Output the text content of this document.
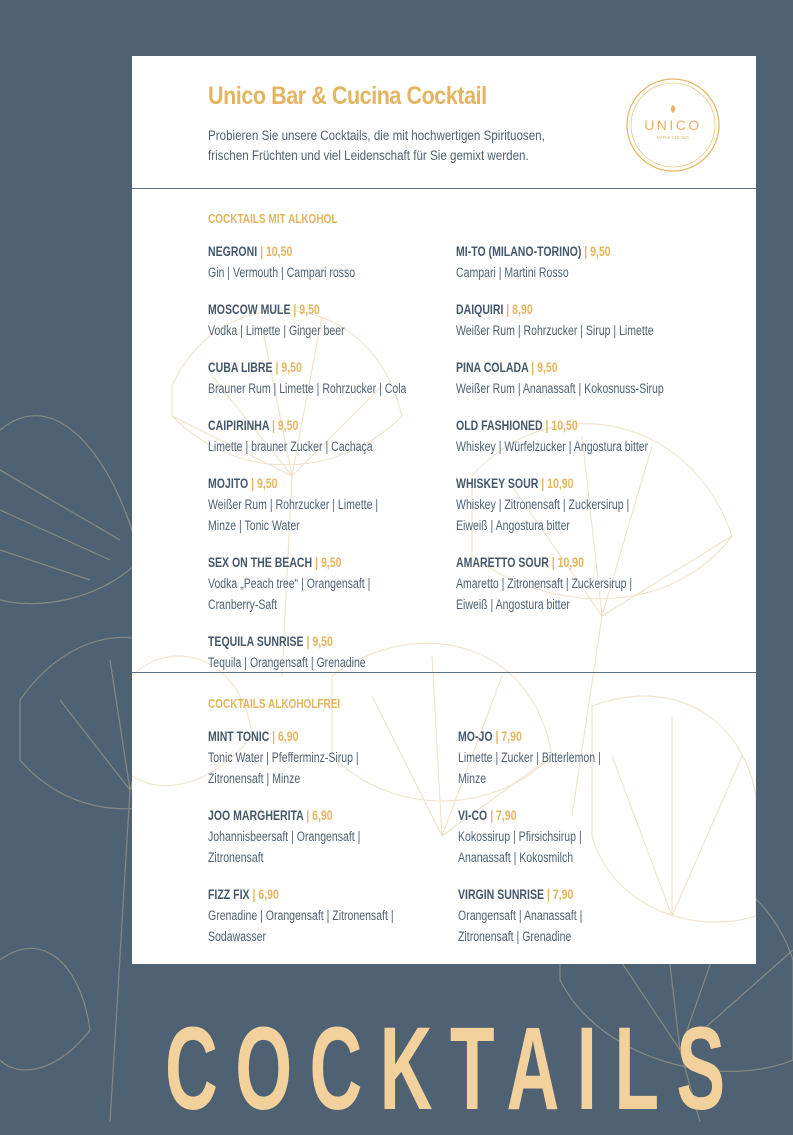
Unico Bar & Cucina Cocktail

Probieren Sie unsere Cocktails, die mit hochwertigen Spirituosen, frischen Früchten und viel Leidenschaft für Sie gemixt werden.

UNICO
BAR & CUCINA
COCKTAILS MIT ALKOHOL
NEGRONI | 10,50
Gin | Vermouth | Campari rosso
MOSCOW MULE | 9,50
Vodka | Limette | Ginger beer
CUBA LIBRE | 9,50
Brauner Rum | Limette | Rohrzucker | Cola
CAIPIRINHA | 9,50
Limette | brauner Zucker | Cachaça
MOJITO | 9,50
Weißer Rum | Rohrzucker | Limette |
Minze | Tonic Water
SEX ON THE BEACH | 9,50
Vodka „Peach tree“ | Orangensaft |
Cranberry-Saft
TEQUILA SUNRISE | 9,50
Tequila | Orangensaft | Grenadine
MI-TO (MILANO-TORINO) | 9,50
Campari | Martini Rosso
DAIQUIRI | 8,90
Weißer Rum | Rohrzucker | Sirup | Limette
PINA COLADA | 9,50
Weißer Rum | Ananassaft | Kokosnuss-Sirup
OLD FASHIONED | 10,50
Whiskey | Würfelzucker | Angostura bitter
WHISKEY SOUR | 10,90
Whiskey | Zitronensaft | Zuckersirup |
Eiweiß | Angostura bitter
AMARETTO SOUR | 10,90
Amaretto | Zitronensaft | Zuckersirup |
Eiweiß | Angostura bitter
COCKTAILS ALKOHOLFREI
MINT TONIC | 6,90
Tonic Water | Pfefferminz-Sirup |
Zitronensaft | Minze
JOO MARGHERITA | 6,90
Johannisbeersaft | Orangensaft |
Zitronensaft
FIZZ FIX | 6,90
Grenadine | Orangensaft | Zitronensaft |
Sodawasser
MO-JO | 7,90
Limette | Zucker | Bitterlemon |
Minze
VI-CO | 7,90
Kokossirup | Pfirsichsirup |
Ananassaft | Kokosmilch
VIRGIN SUNRISE | 7,90
Orangensaft | Ananassaft |
Zitronensaft | Grenadine
COCKTAILS
